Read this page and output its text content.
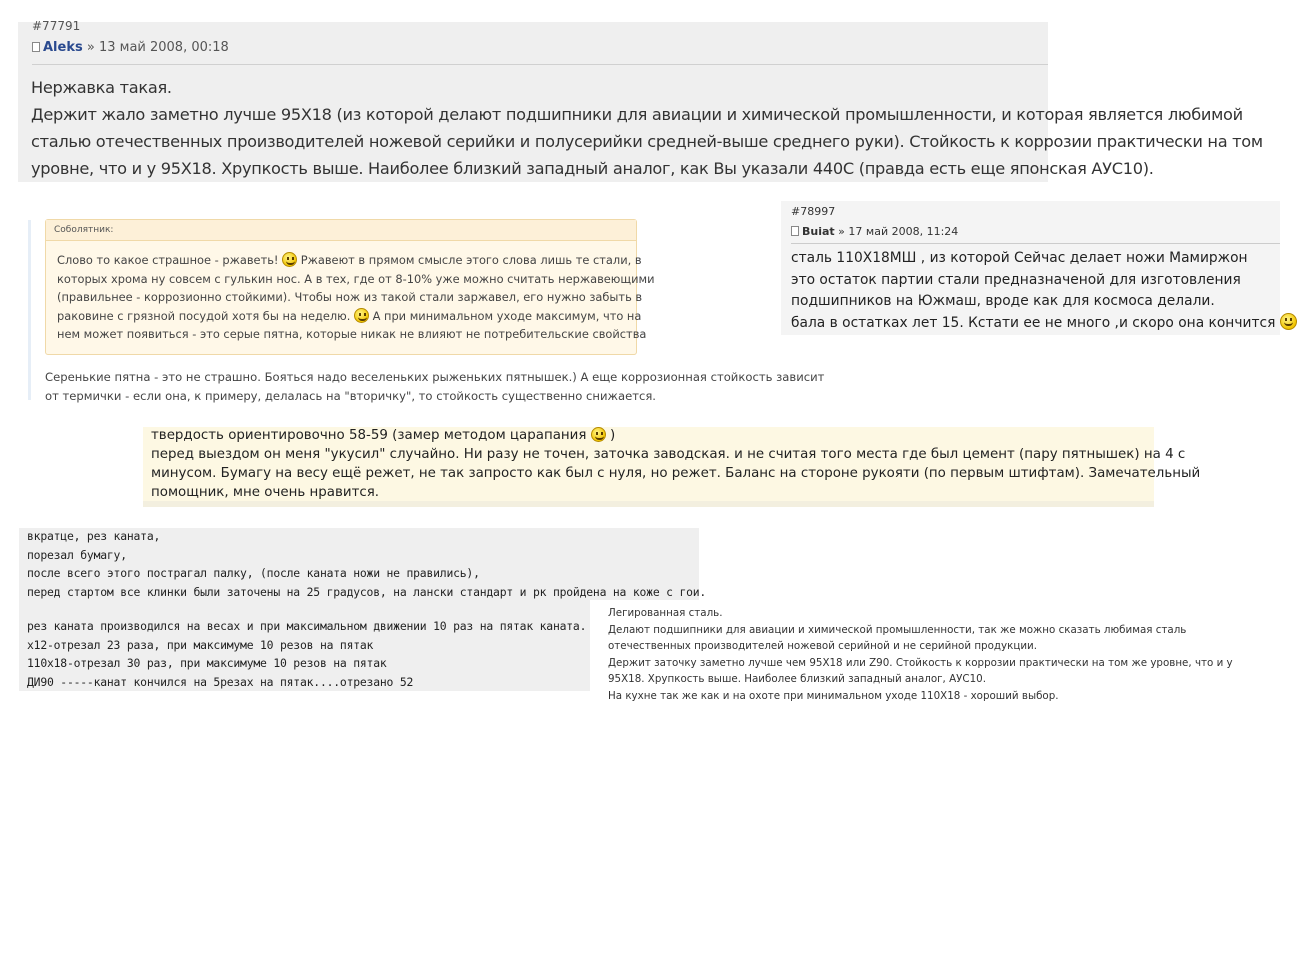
#77791
Aleks » 13 май 2008, 00:18
Нержавка такая.
Держит жало заметно лучше 95Х18 (из которой делают подшипники для авиации и химической промышленности, и которая является любимой
сталью отечественных производителей ножевой серийки и полусерийки средней-выше среднего руки). Стойкость к коррозии практически на том
уровне, что и у 95Х18. Хрупкость выше. Наиболее близкий западный аналог, как Вы указали 440С (правда есть еще японская АУС10).
Соболятник:
Слово то какое страшное - ржаветь! Ржавеют в прямом смысле этого слова лишь те стали, в
которых хрома ну совсем с гулькин нос. А в тех, где от 8-10% уже можно считать нержавеющими
(правильнее - коррозионно стойкими). Чтобы нож из такой стали заржавел, его нужно забыть в
раковине с грязной посудой хотя бы на неделю. А при минимальном уходе максимум, что на
нем может появиться - это серые пятна, которые никак не влияют не потребительские свойства
Серенькие пятна - это не страшно. Бояться надо веселеньких рыженьких пятнышек.) А еще коррозионная стойкость зависит
от термички - если она, к примеру, делалась на "вторичку", то стойкость существенно снижается.
#78997
Buiat » 17 май 2008, 11:24
сталь 110Х18МШ , из которой Сейчас делает ножи Мамиржон
это остаток партии стали предназначеной для изготовления
подшипников на Южмаш, вроде как для космоса делали.
бала в остатках лет 15. Кстати ее не много ,и скоро она кончится
твердость ориентировочно 58-59 (замер методом царапания )
перед выездом он меня "укусил" случайно. Ни разу не точен, заточка заводская. и не считая того места где был цемент (пару пятнышек) на 4 с
минусом. Бумагу на весу ещё режет, не так запросто как был с нуля, но режет. Баланс на стороне рукояти (по первым штифтам). Замечательный
помощник, мне очень нравится.
вкратце, рез каната,
порезал бумагу,
после всего этого пострагал палку, (после каната ножи не правились),
перед стартом все клинки были заточены на 25 градусов, на лански стандарт и рк пройдена на коже с гои.
рез каната производился на весах и при максимальном движении 10 раз на пятак каната.
х12-отрезал 23 раза, при максимуме 10 резов на пятак
110х18-отрезал 30 раз, при максимуме 10 резов на пятак
ДИ90 -----канат кончился на 5резах на пятак....отрезано 52
Легированная сталь.
Делают подшипники для авиации и химической промышленности, так же можно сказать любимая сталь
отечественных производителей ножевой серийной и не серийной продукции.
Держит заточку заметно лучше чем 95Х18 или Z90. Стойкость к коррозии практически на том же уровне, что и у
95Х18. Хрупкость выше. Наиболее близкий западный аналог, АУС10.
На кухне так же как и на охоте при минимальном уходе 110Х18 - хороший выбор.
